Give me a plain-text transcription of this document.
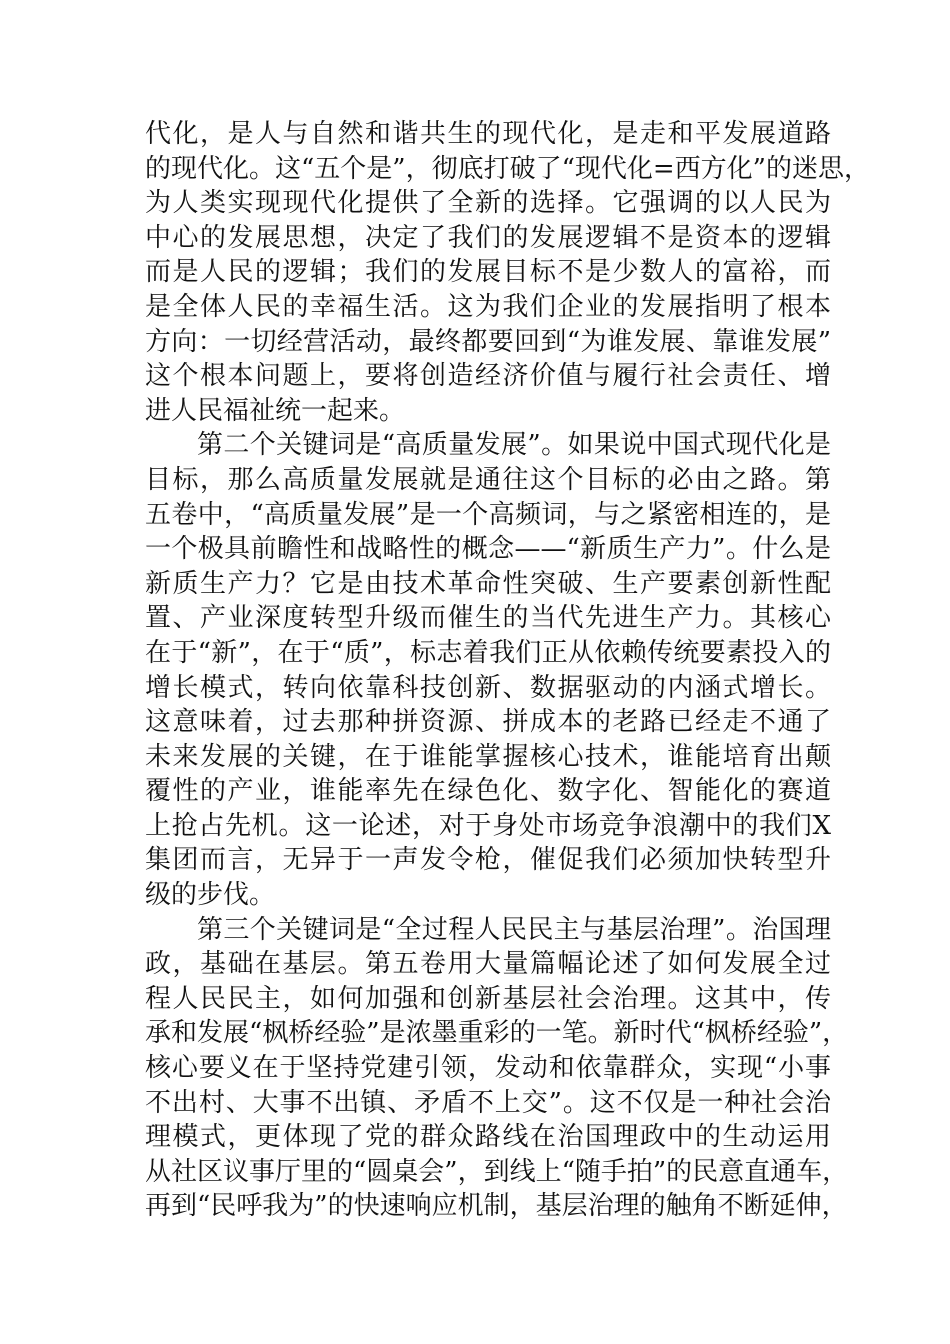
代化，是人与自然和谐共生的现代化，是走和平发展道路
的现代化。这“五个是”，彻底打破了“现代化=西方化”的迷思，
为人类实现现代化提供了全新的选择。它强调的以人民为
中心的发展思想，决定了我们的发展逻辑不是资本的逻辑
而是人民的逻辑；我们的发展目标不是少数人的富裕，而
是全体人民的幸福生活。这为我们企业的发展指明了根本
方向：一切经营活动，最终都要回到“为谁发展、靠谁发展”
这个根本问题上，要将创造经济价值与履行社会责任、增
进人民福祉统一起来。
第二个关键词是“高质量发展”。如果说中国式现代化是
目标，那么高质量发展就是通往这个目标的必由之路。第
五卷中，“高质量发展”是一个高频词，与之紧密相连的，是
一个极具前瞻性和战略性的概念——“新质生产力”。什么是
新质生产力？它是由技术革命性突破、生产要素创新性配
置、产业深度转型升级而催生的当代先进生产力。其核心
在于“新”，在于“质”，标志着我们正从依赖传统要素投入的
增长模式，转向依靠科技创新、数据驱动的内涵式增长。
这意味着，过去那种拼资源、拼成本的老路已经走不通了
未来发展的关键，在于谁能掌握核心技术，谁能培育出颠
覆性的产业，谁能率先在绿色化、数字化、智能化的赛道
上抢占先机。这一论述，对于身处市场竞争浪潮中的我们X
集团而言，无异于一声发令枪，催促我们必须加快转型升
级的步伐。
第三个关键词是“全过程人民民主与基层治理”。治国理
政，基础在基层。第五卷用大量篇幅论述了如何发展全过
程人民民主，如何加强和创新基层社会治理。这其中，传
承和发展“枫桥经验”是浓墨重彩的一笔。新时代“枫桥经验”，
核心要义在于坚持党建引领，发动和依靠群众，实现“小事
不出村、大事不出镇、矛盾不上交”。这不仅是一种社会治
理模式，更体现了党的群众路线在治国理政中的生动运用
从社区议事厅里的“圆桌会”，到线上“随手拍”的民意直通车，
再到“民呼我为”的快速响应机制，基层治理的触角不断延伸，
